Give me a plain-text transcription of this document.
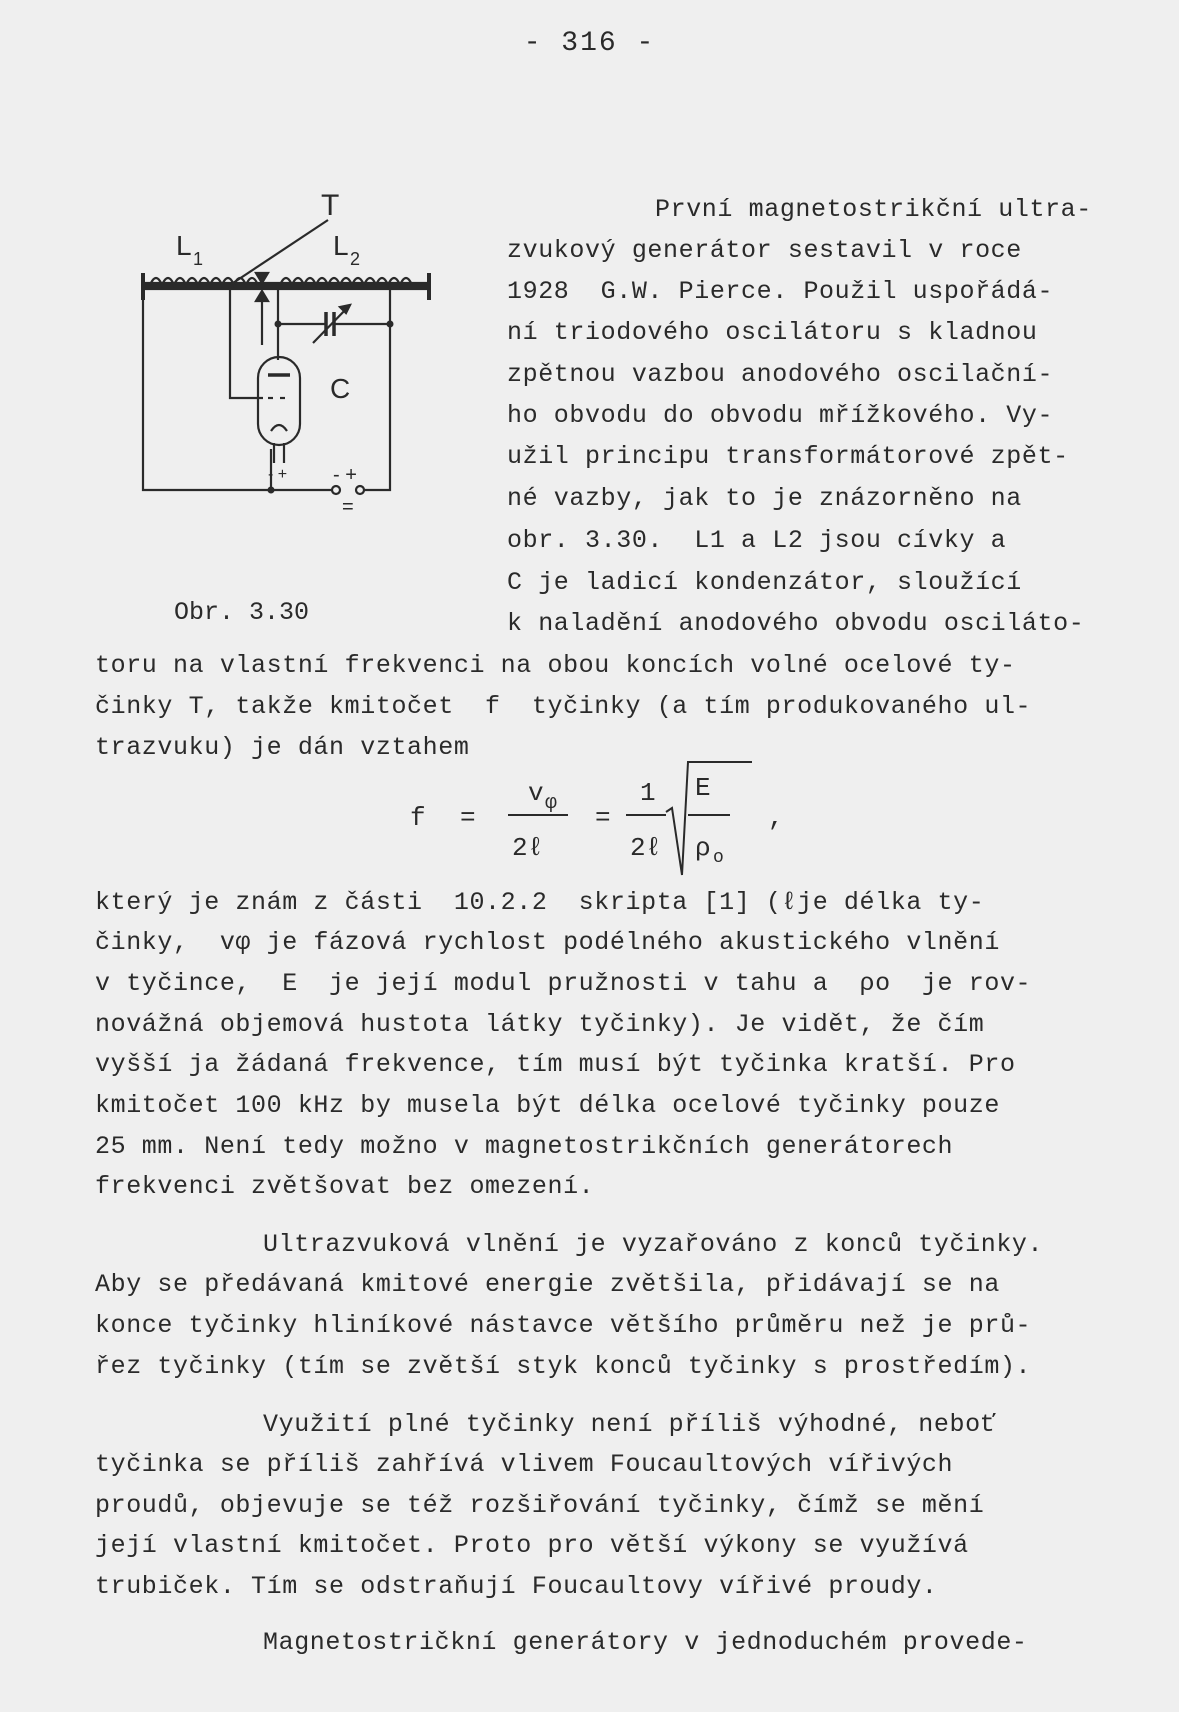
- 316 -
T
L 1	L 2
C
- + - +
=
Obr. 3.30
První magnetostrikční ultra-
zvukový generátor sestavil v roce
1928  G.W. Pierce. Použil uspořádá-
ní triodového oscilátoru s kladnou
zpětnou vazbou anodového oscilační-
ho obvodu do obvodu mřížkového. Vy-
užil principu transformátorové zpět-
né vazby, jak to je znázorněno na
obr. 3.30.  L1 a L2 jsou cívky a
C je ladicí kondenzátor, sloužící
k naladění anodového obvodu osciláto-
toru na vlastní frekvenci na obou koncích volné ocelové ty-
činky T, takže kmitočet  f  tyčinky (a tím produkovaného ul-
trazvuku) je dán vztahem
f =
v φ
2ℓ
=
1
2ℓ
E
ρ o
,
který je znám z části  10.2.2  skripta [1] (ℓje délka ty-
činky,  vφ je fázová rychlost podélného akustického vlnění
v tyčince,  E  je její modul pružnosti v tahu a  ρo  je rov-
novážná objemová hustota látky tyčinky). Je vidět, že čím
vyšší ja žádaná frekvence, tím musí být tyčinka kratší. Pro
kmitočet 100 kHz by musela být délka ocelové tyčinky pouze
25 mm. Není tedy možno v magnetostrikčních generátorech
frekvenci zvětšovat bez omezení.
Ultrazvuková vlnění je vyzařováno z konců tyčinky.
Aby se předávaná kmitové energie zvětšila, přidávají se na
konce tyčinky hliníkové nástavce většího průměru než je prů-
řez tyčinky (tím se zvětší styk konců tyčinky s prostředím).
Využití plné tyčinky není příliš výhodné, neboť
tyčinka se příliš zahřívá vlivem Foucaultových vířivých
proudů, objevuje se též rozšiřování tyčinky, čímž se mění
její vlastní kmitočet. Proto pro větší výkony se využívá
trubiček. Tím se odstraňují Foucaultovy vířivé proudy.
Magnetostričkní generátory v jednoduchém provede-
